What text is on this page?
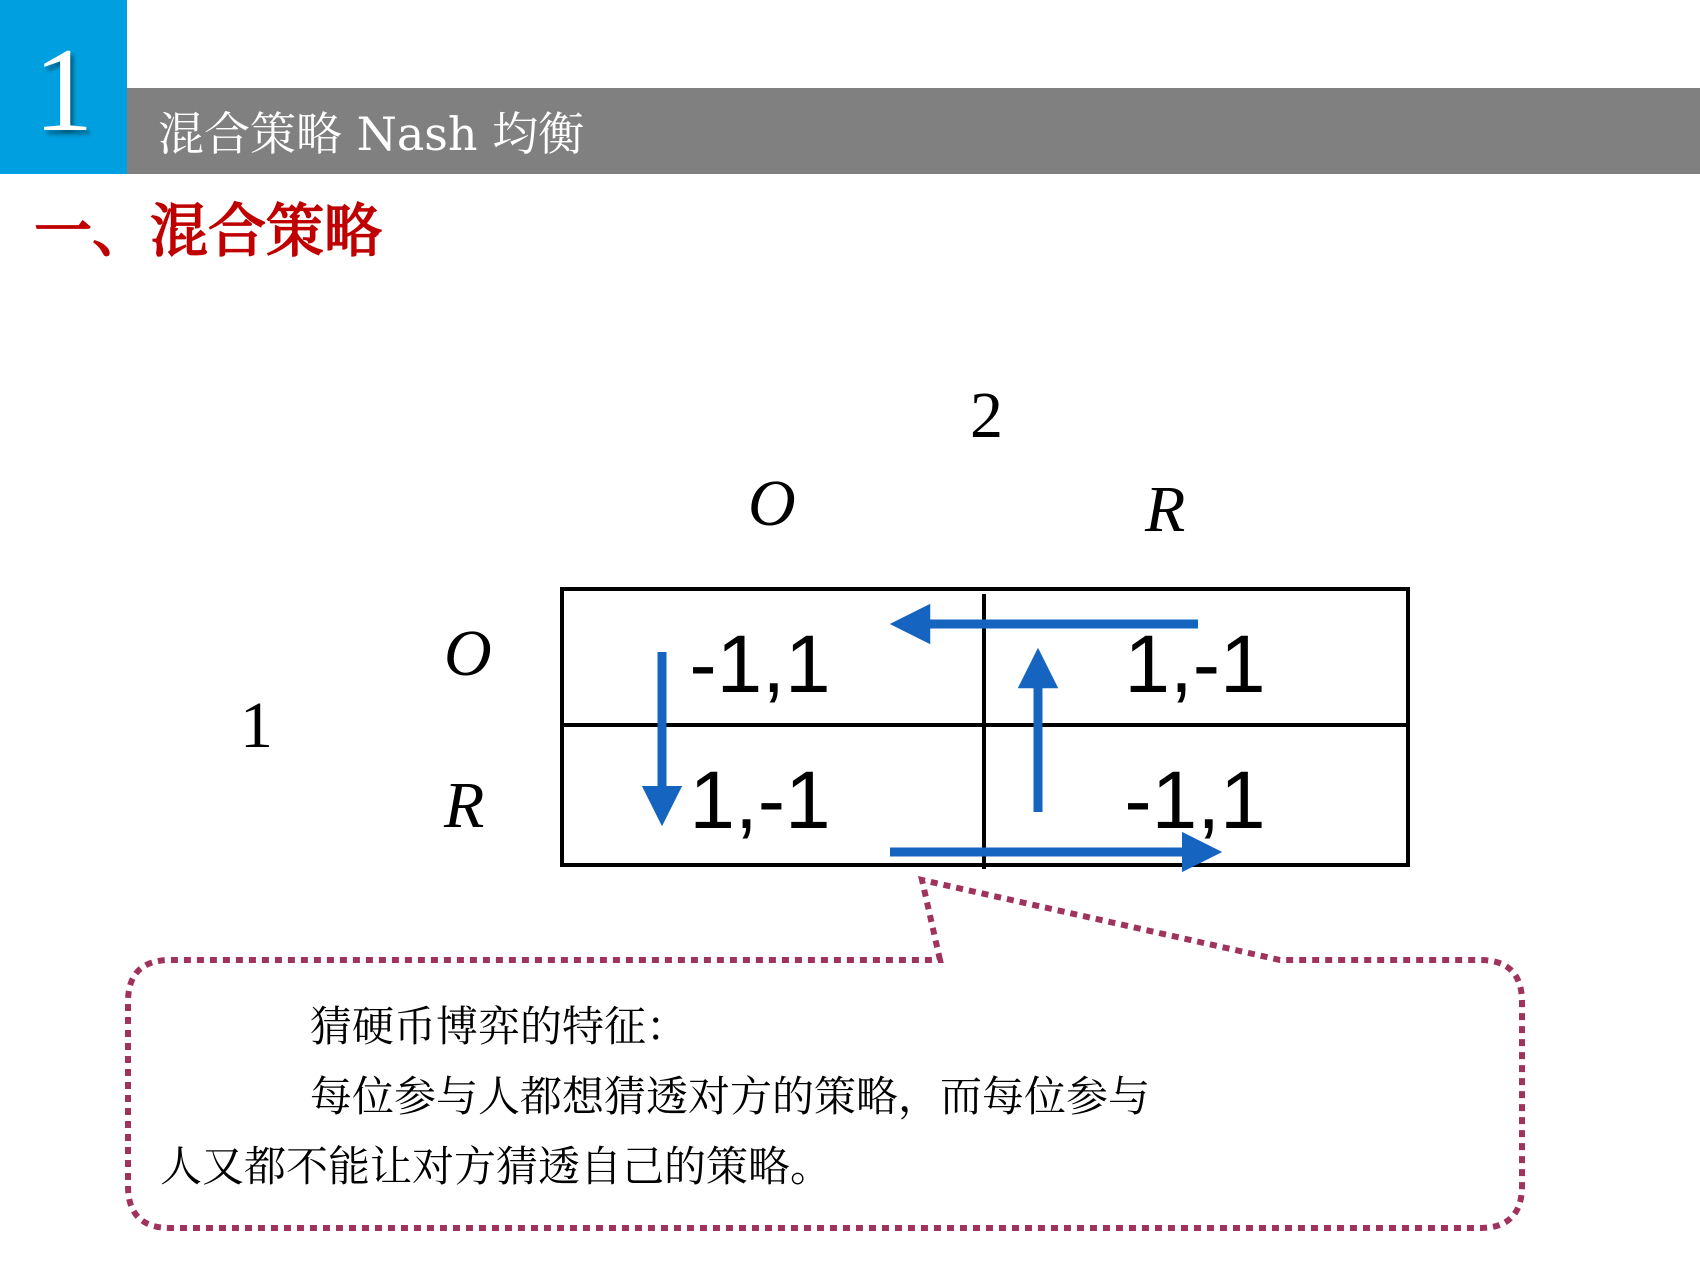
1	混合策略 Nash 均衡
一、混合策略
2
O	R
1
O
R
-1,1	1,-1
1,-1	-1,1
猜硬币博弈的特征：
每位参与人都想猜透对方的策略，而每位参与
人又都不能让对方猜透自己的策略。
